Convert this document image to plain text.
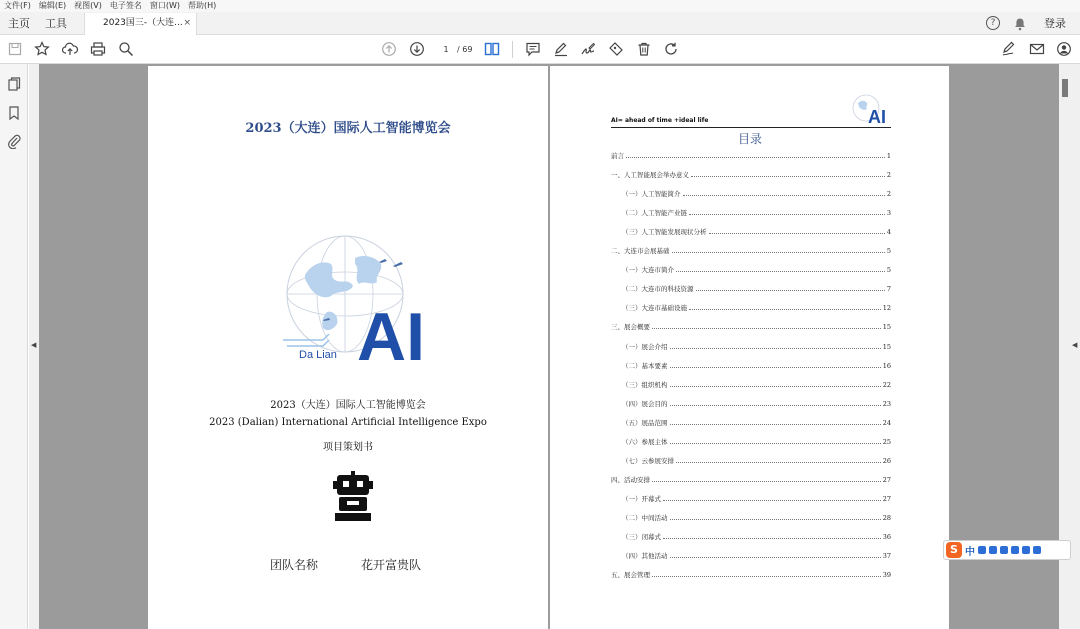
文件(F) 编辑(E) 视图(V) 电子签名 窗口(W) 帮助(H)
主页 工具	2023国三-（大连... ×	?	登录
1	/ 69
◀
2023（大连）国际人工智能博览会
Da Lian AI
2023（大连）国际人工智能博览会
2023 (Dalian) International Artificial Intelligence Expo
项目策划书
团队名称	花开富贵队
AI= ahead of time +ideal life	AI
目录
前言	1
一、人工智能展会举办意义	2
（一）人工智能简介	2
（二）人工智能产业链	3
（三）人工智能发展现状分析	4
二、大连市会展基础	5
（一）大连市简介	5
（二）大连市的科技资源	7
（三）大连市基础设施	12
三、展会概要	15
（一）展会介绍	15
（二）基本要素	16
（三）组织机构	22
（四）展会目的	23
（五）展品范围	24
（六）参展主体	25
（七）云参展安排	26
四、活动安排	27
（一）开幕式	27
（二）中间活动	28
（三）闭幕式	36
（四）其他活动	37
五、展会管理	39
◀
S 中
